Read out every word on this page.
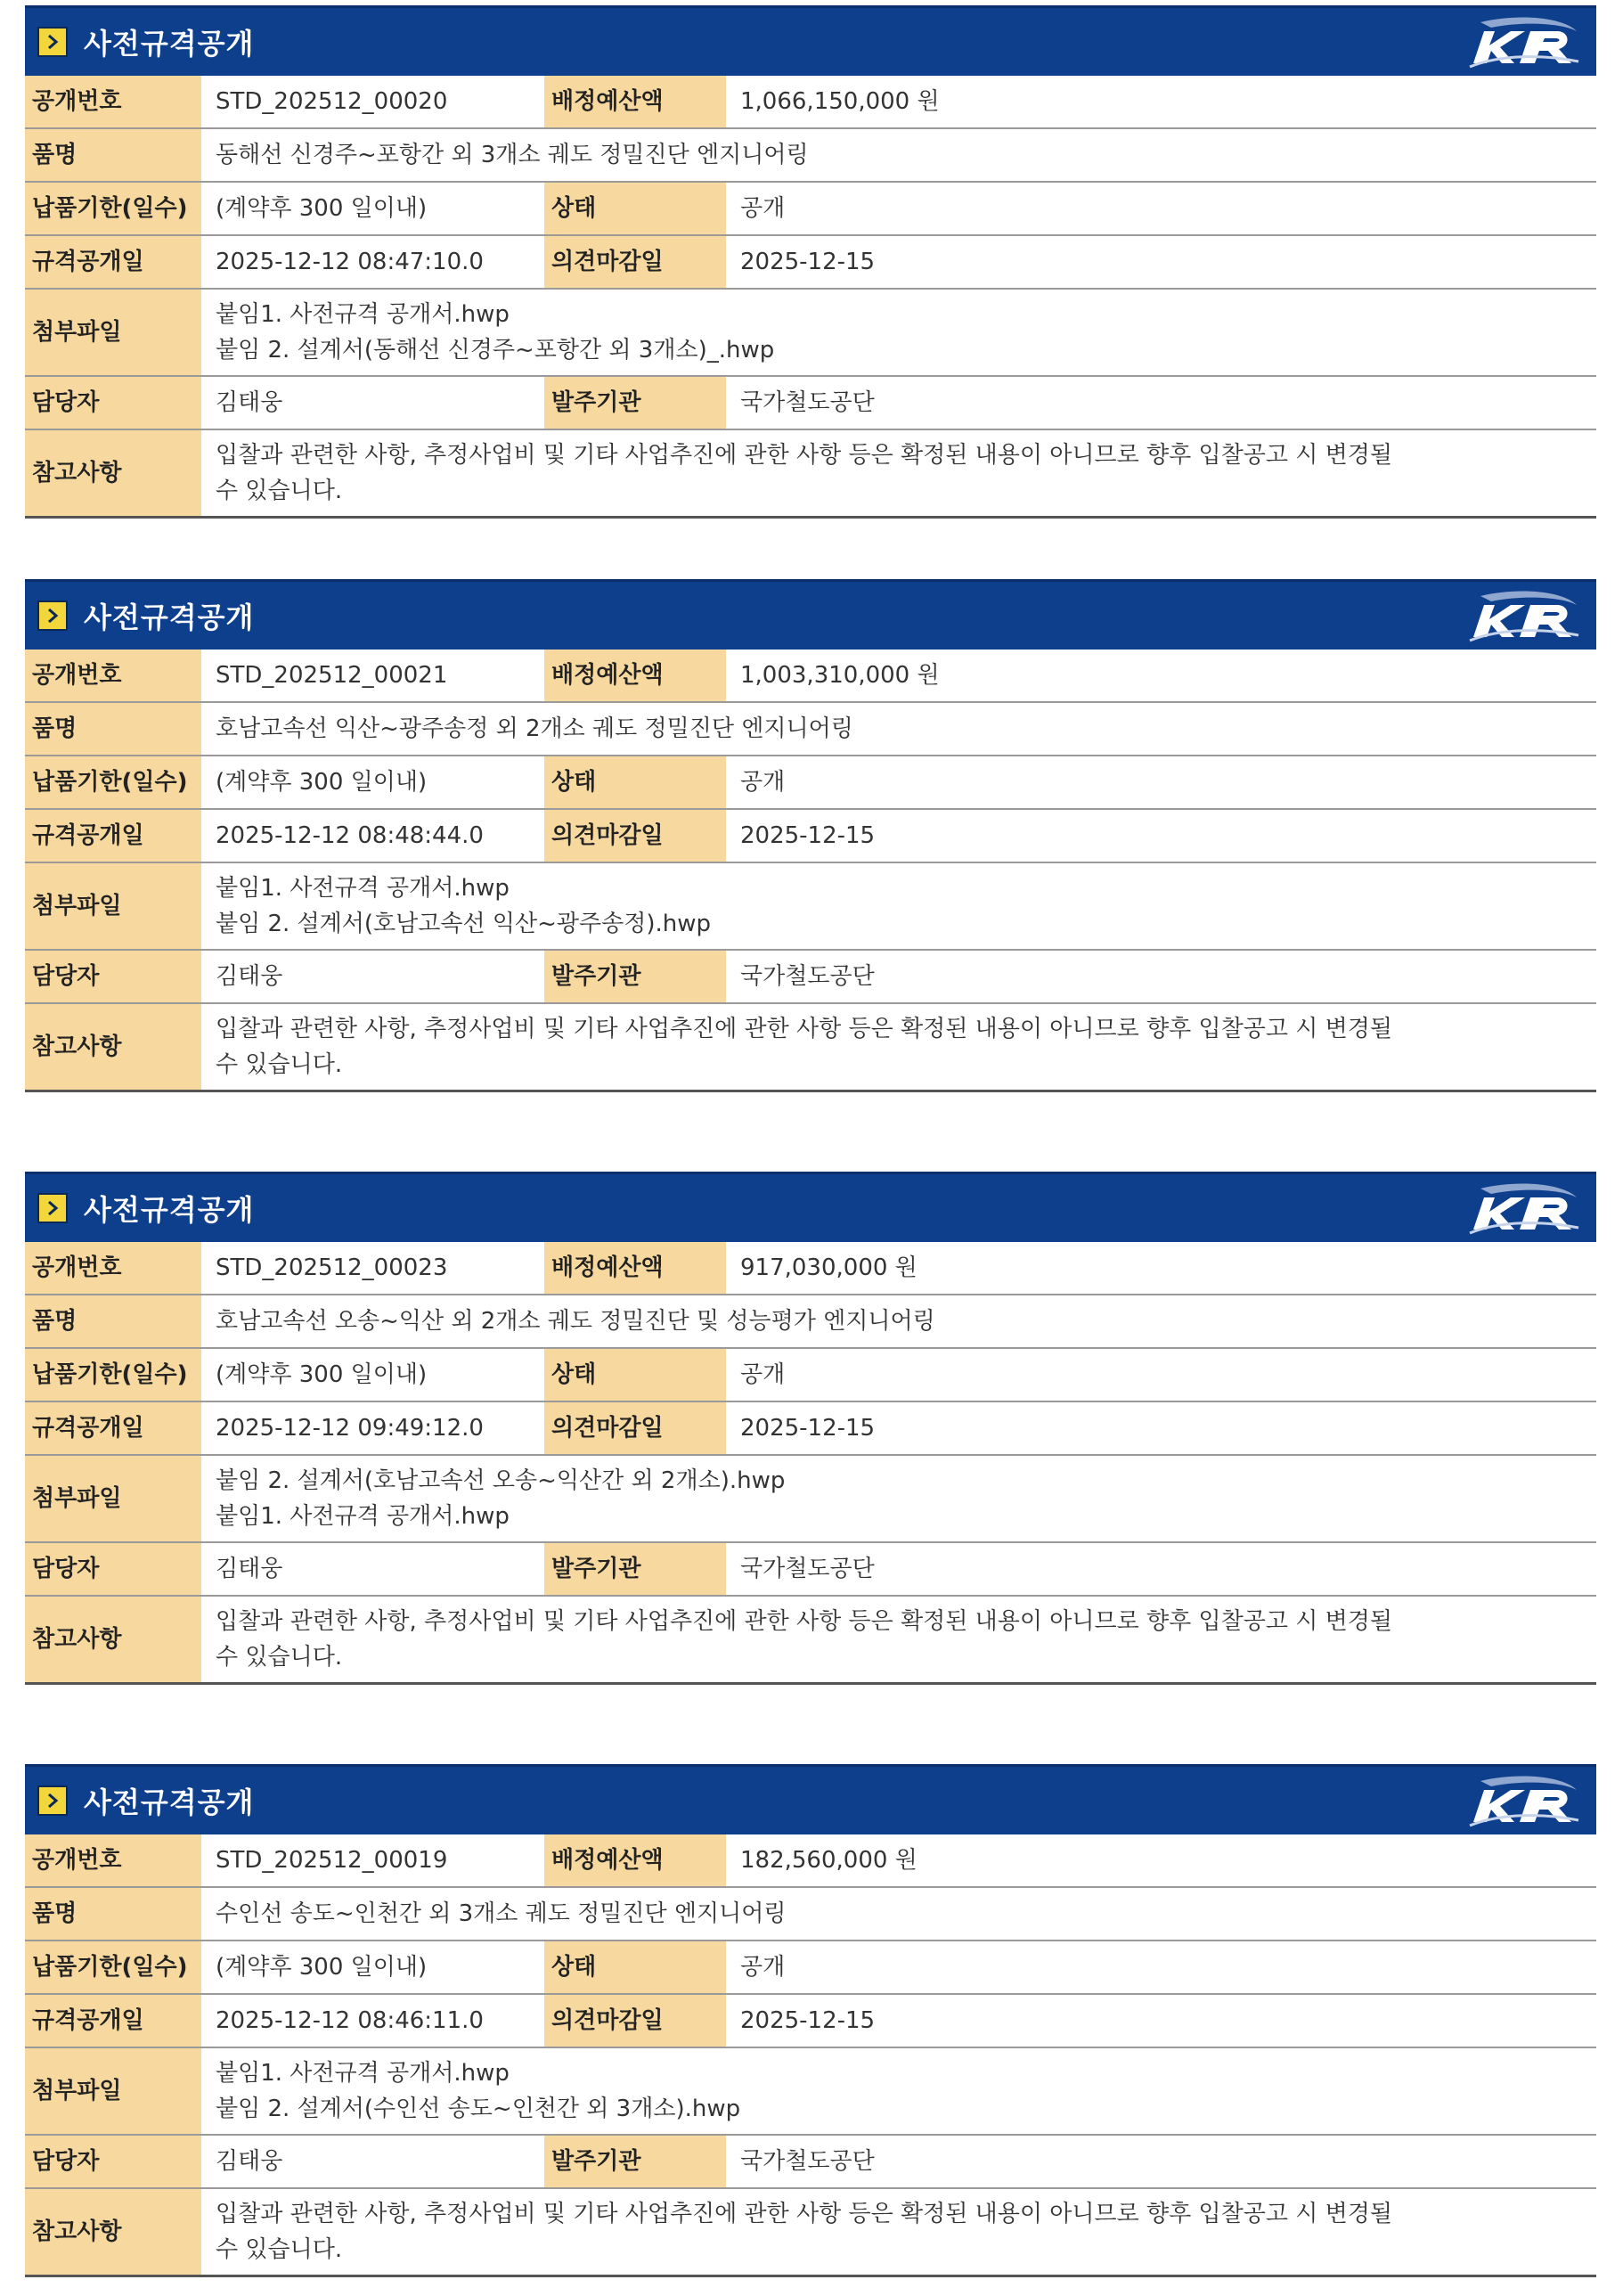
사전규격공개
공개번호	STD_202512_00020	배정예산액	1,066,150,000 원
품명	동해선 신경주~포항간 외 3개소 궤도 정밀진단 엔지니어링		
납품기한(일수)	(계약후 300 일이내)	상태	공개
규격공개일	2025-12-12 08:47:10.0	의견마감일	2025-12-15
첨부파일	붙임1. 사전규격 공개서.hwp
붙임 2. 설계서(동해선 신경주~포항간 외 3개소)_.hwp		

담당자	김태웅	발주기관	국가철도공단
참고사항	입찰과 관련한 사항, 추정사업비 및 기타 사업추진에 관한 사항 등은 확정된 내용이 아니므로 향후 입찰공고 시 변경될
수 있습니다.		
사전규격공개
공개번호	STD_202512_00021	배정예산액	1,003,310,000 원
품명	호남고속선 익산~광주송정 외 2개소 궤도 정밀진단 엔지니어링		
납품기한(일수)	(계약후 300 일이내)	상태	공개
규격공개일	2025-12-12 08:48:44.0	의견마감일	2025-12-15
첨부파일	붙임1. 사전규격 공개서.hwp
붙임 2. 설계서(호남고속선 익산~광주송정).hwp		

담당자	김태웅	발주기관	국가철도공단
참고사항	입찰과 관련한 사항, 추정사업비 및 기타 사업추진에 관한 사항 등은 확정된 내용이 아니므로 향후 입찰공고 시 변경될
수 있습니다.		
사전규격공개
공개번호	STD_202512_00023	배정예산액	917,030,000 원
품명	호남고속선 오송~익산 외 2개소 궤도 정밀진단 및 성능평가 엔지니어링		
납품기한(일수)	(계약후 300 일이내)	상태	공개
규격공개일	2025-12-12 09:49:12.0	의견마감일	2025-12-15
첨부파일	붙임 2. 설계서(호남고속선 오송~익산간 외 2개소).hwp
붙임1. 사전규격 공개서.hwp		

담당자	김태웅	발주기관	국가철도공단
참고사항	입찰과 관련한 사항, 추정사업비 및 기타 사업추진에 관한 사항 등은 확정된 내용이 아니므로 향후 입찰공고 시 변경될
수 있습니다.		
사전규격공개
공개번호	STD_202512_00019	배정예산액	182,560,000 원
품명	수인선 송도~인천간 외 3개소 궤도 정밀진단 엔지니어링		
납품기한(일수)	(계약후 300 일이내)	상태	공개
규격공개일	2025-12-12 08:46:11.0	의견마감일	2025-12-15
첨부파일	붙임1. 사전규격 공개서.hwp
붙임 2. 설계서(수인선 송도~인천간 외 3개소).hwp		

담당자	김태웅	발주기관	국가철도공단
참고사항	입찰과 관련한 사항, 추정사업비 및 기타 사업추진에 관한 사항 등은 확정된 내용이 아니므로 향후 입찰공고 시 변경될
수 있습니다.		
